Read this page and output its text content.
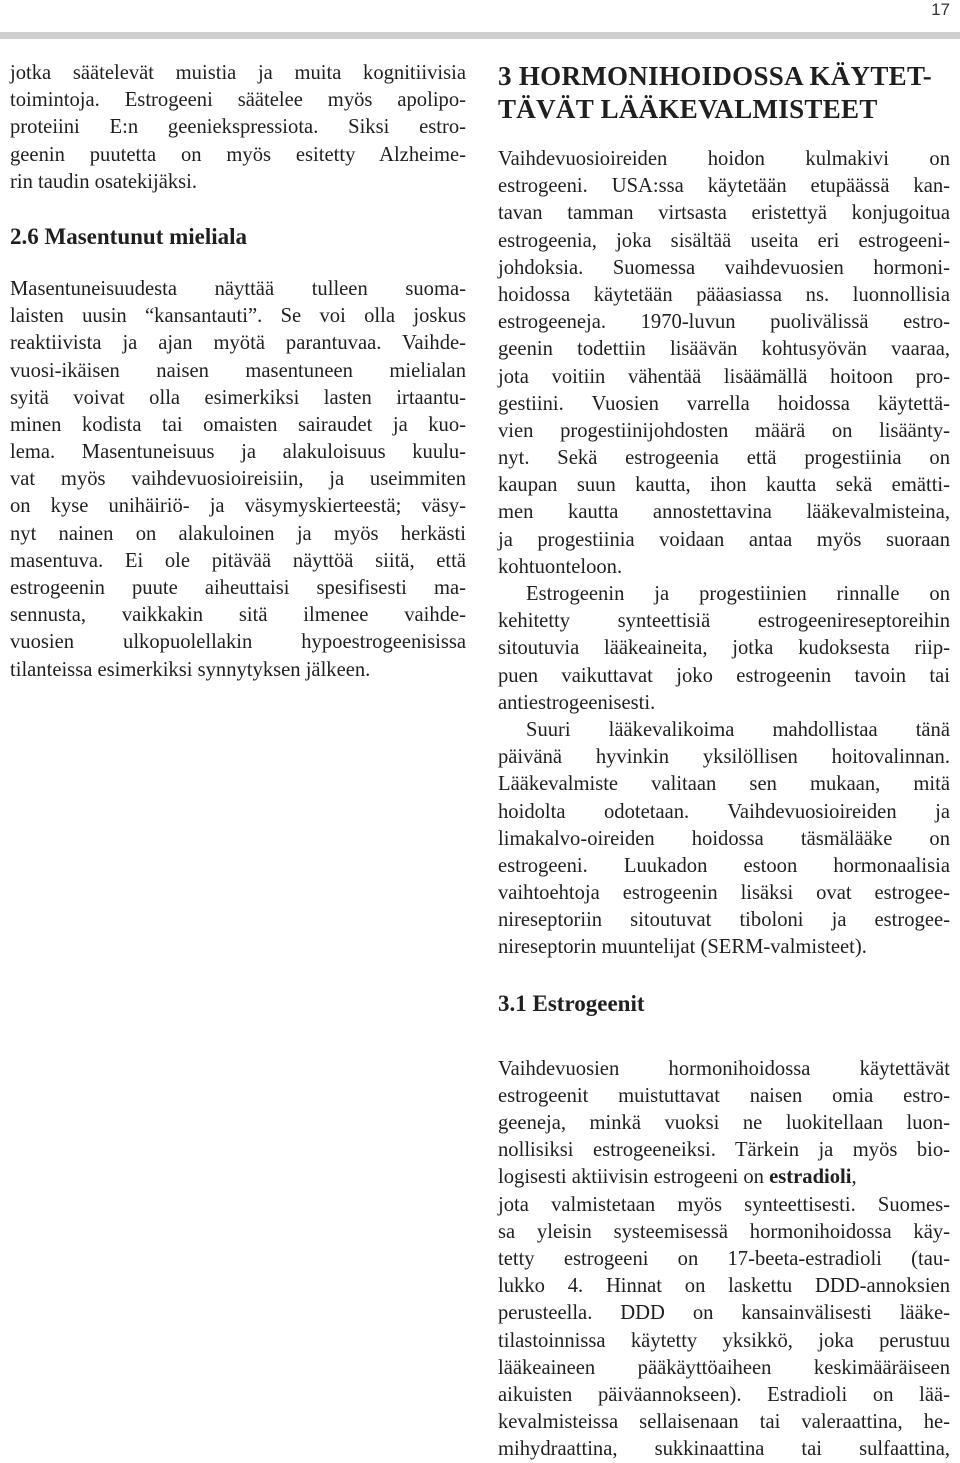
17
jotka säätelevät muistia ja muita kognitiivisia
toimintoja. Estrogeeni säätelee myös apolipo-
proteiini E:n geeniekspressiota. Siksi estro-
geenin puutetta on myös esitetty Alzheime-
rin taudin osatekijäksi.
2.6 Masentunut mieliala
Masentuneisuudesta näyttää tulleen suoma-
laisten uusin “kansantauti”. Se voi olla joskus
reaktiivista ja ajan myötä parantuvaa. Vaihde-
vuosi-ikäisen naisen masentuneen mielialan
syitä voivat olla esimerkiksi lasten irtaantu-
minen kodista tai omaisten sairaudet ja kuo-
lema. Masentuneisuus ja alakuloisuus kuulu-
vat myös vaihdevuosioireisiin, ja useimmiten
on kyse unihäiriö- ja väsymyskierteestä; väsy-
nyt nainen on alakuloinen ja myös herkästi
masentuva. Ei ole pitävää näyttöä siitä, että
estrogeenin puute aiheuttaisi spesifisesti ma-
sennusta, vaikkakin sitä ilmenee vaihde-
vuosien ulkopuolellakin hypoestrogeenisissa
tilanteissa esimerkiksi synnytyksen jälkeen.
3 HORMONIHOIDOSSA KÄYTET-
TÄVÄT LÄÄKEVALMISTEET
Vaihdevuosioireiden hoidon kulmakivi on
estrogeeni. USA:ssa käytetään etupäässä kan-
tavan tamman virtsasta eristettyä konjugoitua
estrogeenia, joka sisältää useita eri estrogeeni-
johdoksia. Suomessa vaihdevuosien hormoni-
hoidossa käytetään pääasiassa ns. luonnollisia
estrogeeneja. 1970-luvun puolivälissä estro-
geenin todettiin lisäävän kohtusyövän vaaraa,
jota voitiin vähentää lisäämällä hoitoon pro-
gestiini. Vuosien varrella hoidossa käytettä-
vien progestiinijohdosten määrä on lisäänty-
nyt. Sekä estrogeenia että progestiinia on
kaupan suun kautta, ihon kautta sekä emätti-
men kautta annostettavina lääkevalmisteina,
ja progestiinia voidaan antaa myös suoraan
kohtuonteloon.
Estrogeenin ja progestiinien rinnalle on
kehitetty synteettisiä estrogeenireseptoreihin
sitoutuvia lääkeaineita, jotka kudoksesta riip-
puen vaikuttavat joko estrogeenin tavoin tai
antiestrogeenisesti.
Suuri lääkevalikoima mahdollistaa tänä
päivänä hyvinkin yksilöllisen hoitovalinnan.
Lääkevalmiste valitaan sen mukaan, mitä
hoidolta odotetaan. Vaihdevuosioireiden ja
limakalvo-oireiden hoidossa täsmälääke on
estrogeeni. Luukadon estoon hormonaalisia
vaihtoehtoja estrogeenin lisäksi ovat estrogee-
nireseptoriin sitoutuvat tiboloni ja estrogee-
nireseptorin muuntelijat (SERM-valmisteet).
3.1 Estrogeenit
Vaihdevuosien hormonihoidossa käytettävät
estrogeenit muistuttavat naisen omia estro-
geeneja, minkä vuoksi ne luokitellaan luon-
nollisiksi estrogeeneiksi. Tärkein ja myös bio-
logisesti aktiivisin estrogeeni on estradioli,
jota valmistetaan myös synteettisesti. Suomes-
sa yleisin systeemisessä hormonihoidossa käy-
tetty estrogeeni on 17-beeta-estradioli (tau-
lukko 4. Hinnat on laskettu DDD-annoksien
perusteella. DDD on kansainvälisesti lääke-
tilastoinnissa käytetty yksikkö, joka perustuu
lääkeaineen pääkäyttöaiheen keskimääräiseen
aikuisten päiväannokseen). Estradioli on lää-
kevalmisteissa sellaisenaan tai valeraattina, he-
mihydraattina, sukkinaattina tai sulfaattina,
